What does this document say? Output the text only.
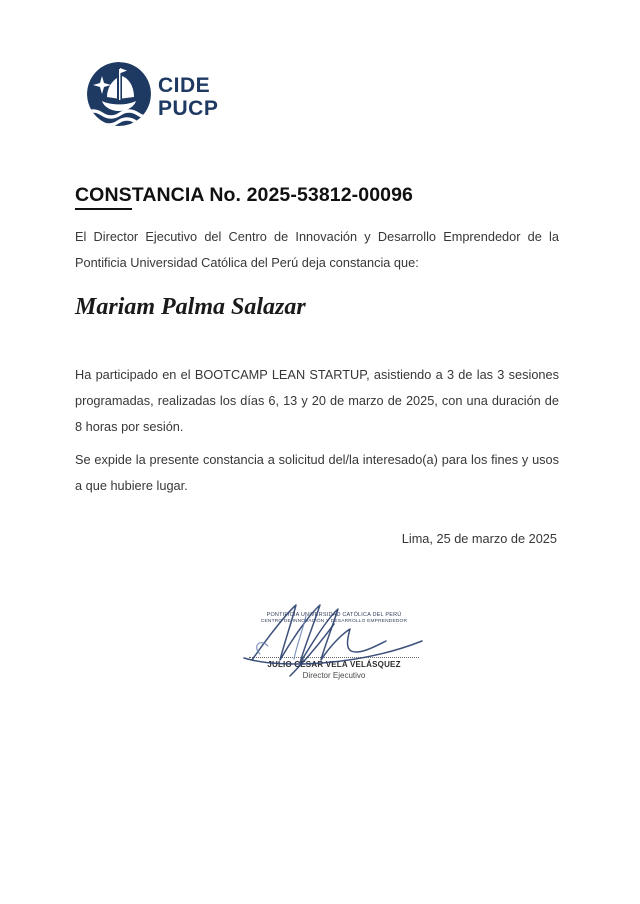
CIDE
PUCP
CONSTANCIA No. 2025-53812-00096
El Director Ejecutivo del Centro de Innovación y Desarrollo Emprendedor de la
Pontificia Universidad Católica del Perú deja constancia que:
Mariam Palma Salazar
Ha participado en el BOOTCAMP LEAN STARTUP, asistiendo a 3 de las 3 sesiones
programadas, realizadas los días 6, 13 y 20 de marzo de 2025, con una duración de
8 horas por sesión.
Se expide la presente constancia a solicitud del/la interesado(a) para los fines y usos
a que hubiere lugar.
Lima, 25 de marzo de 2025
PONTIFICIA UNIVERSIDAD CATÓLICA DEL PERÚ
CENTRO DE INNOVACIÓN Y DESARROLLO EMPRENDEDOR
JULIO CÉSAR VELA VELÁSQUEZ
Director Ejecutivo
